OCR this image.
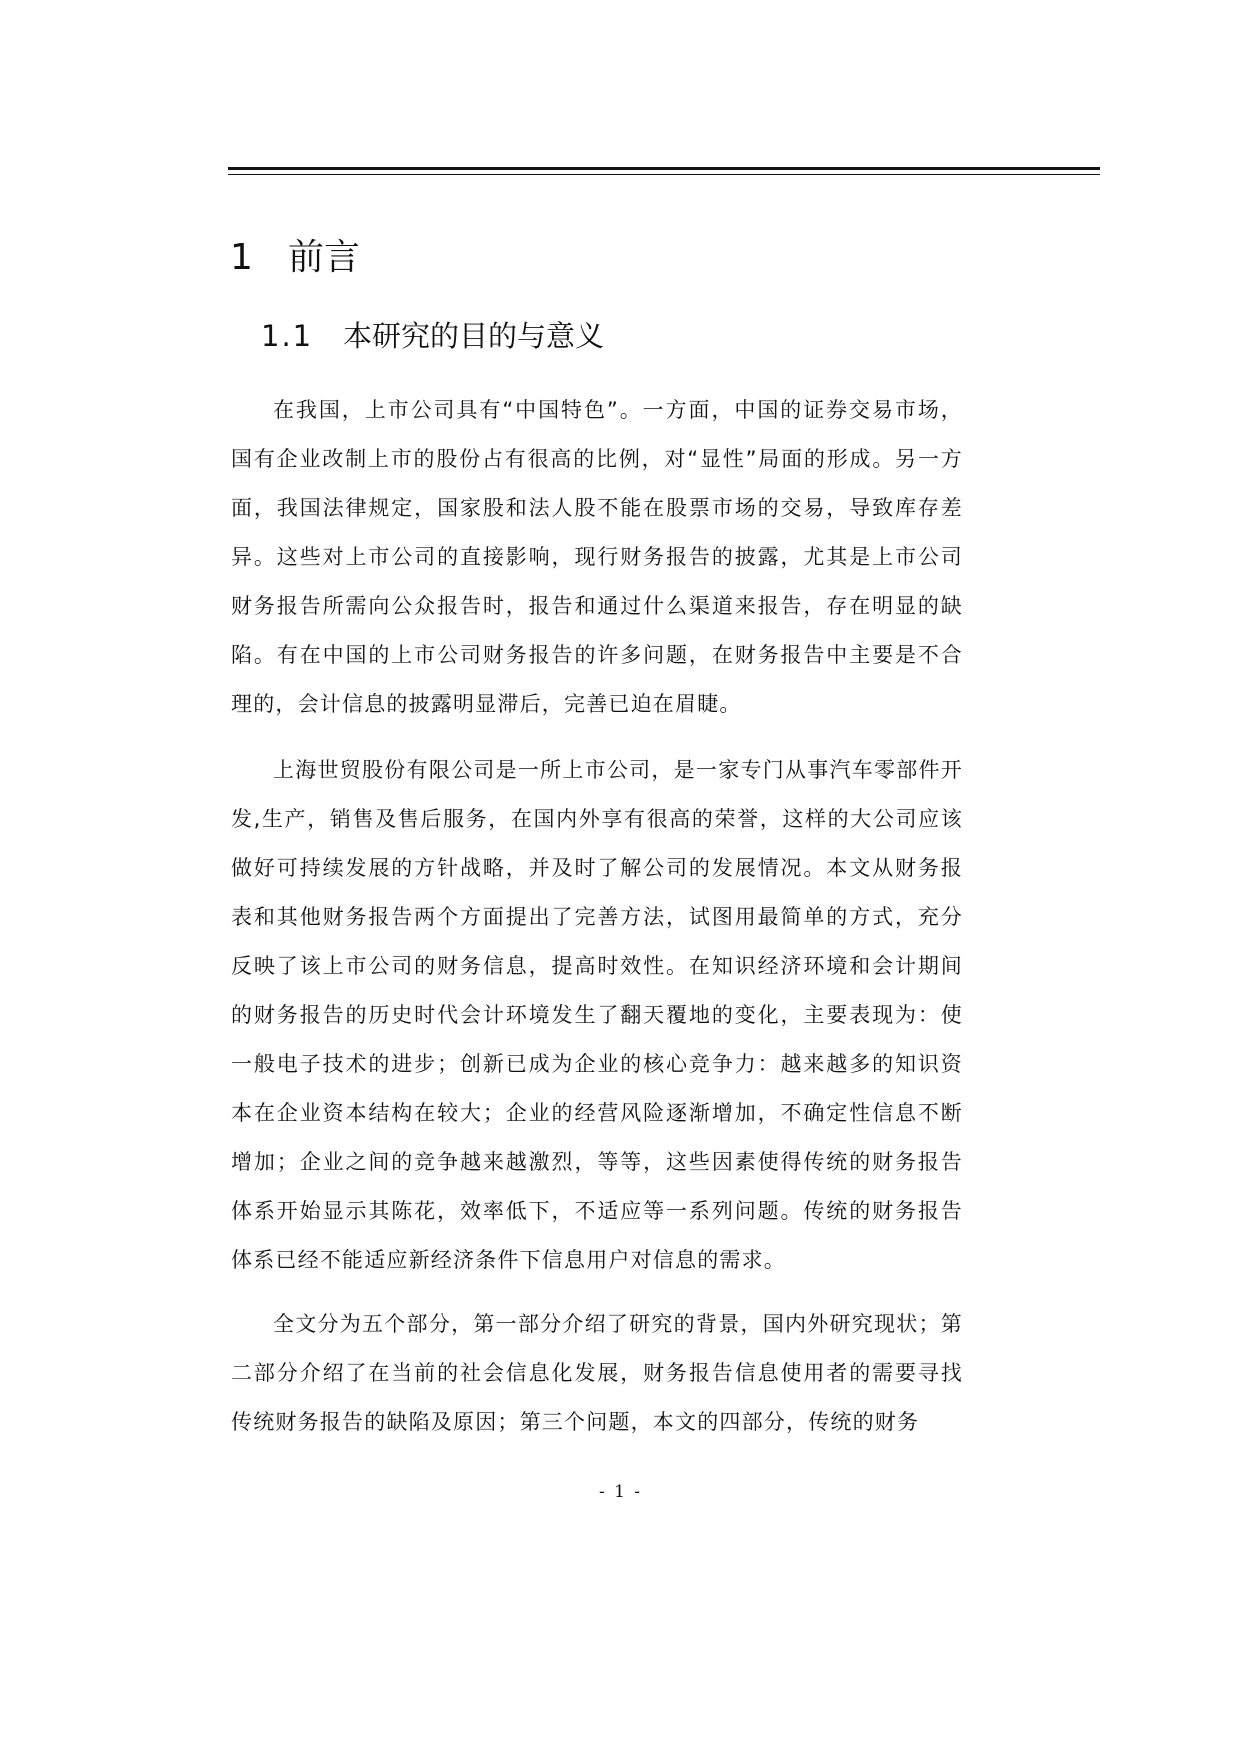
1 前言
1.1 本研究的目的与意义

在我国，上市公司具有“中国特色”。一方面，中国的证券交易市场，国有企业改制上市的股份占有很高的比例，对“显性”局面的形成。另一方面，我国法律规定，国家股和法人股不能在股票市场的交易，导致库存差异。这些对上市公司的直接影响，现行财务报告的披露，尤其是上市公司财务报告所需向公众报告时，报告和通过什么渠道来报告，存在明显的缺陷。有在中国的上市公司财务报告的许多问题，在财务报告中主要是不合理的，会计信息的披露明显滞后，完善已迫在眉睫。

上海世贸股份有限公司是一所上市公司，是一家专门从事汽车零部件开发,生产，销售及售后服务，在国内外享有很高的荣誉，这样的大公司应该做好可持续发展的方针战略，并及时了解公司的发展情况。本文从财务报表和其他财务报告两个方面提出了完善方法，试图用最简单的方式，充分反映了该上市公司的财务信息，提高时效性。在知识经济环境和会计期间的财务报告的历史时代会计环境发生了翻天覆地的变化，主要表现为：使一般电子技术的进步；创新已成为企业的核心竞争力：越来越多的知识资本在企业资本结构在较大；企业的经营风险逐渐增加，不确定性信息不断增加；企业之间的竞争越来越激烈，等等，这些因素使得传统的财务报告体系开始显示其陈花，效率低下，不适应等一系列问题。传统的财务报告体系已经不能适应新经济条件下信息用户对信息的需求。

全文分为五个部分，第一部分介绍了研究的背景，国内外研究现状；第二部分介绍了在当前的社会信息化发展，财务报告信息使用者的需要寻找传统财务报告的缺陷及原因；第三个问题，本文的四部分，传统的财务

- 1 -
